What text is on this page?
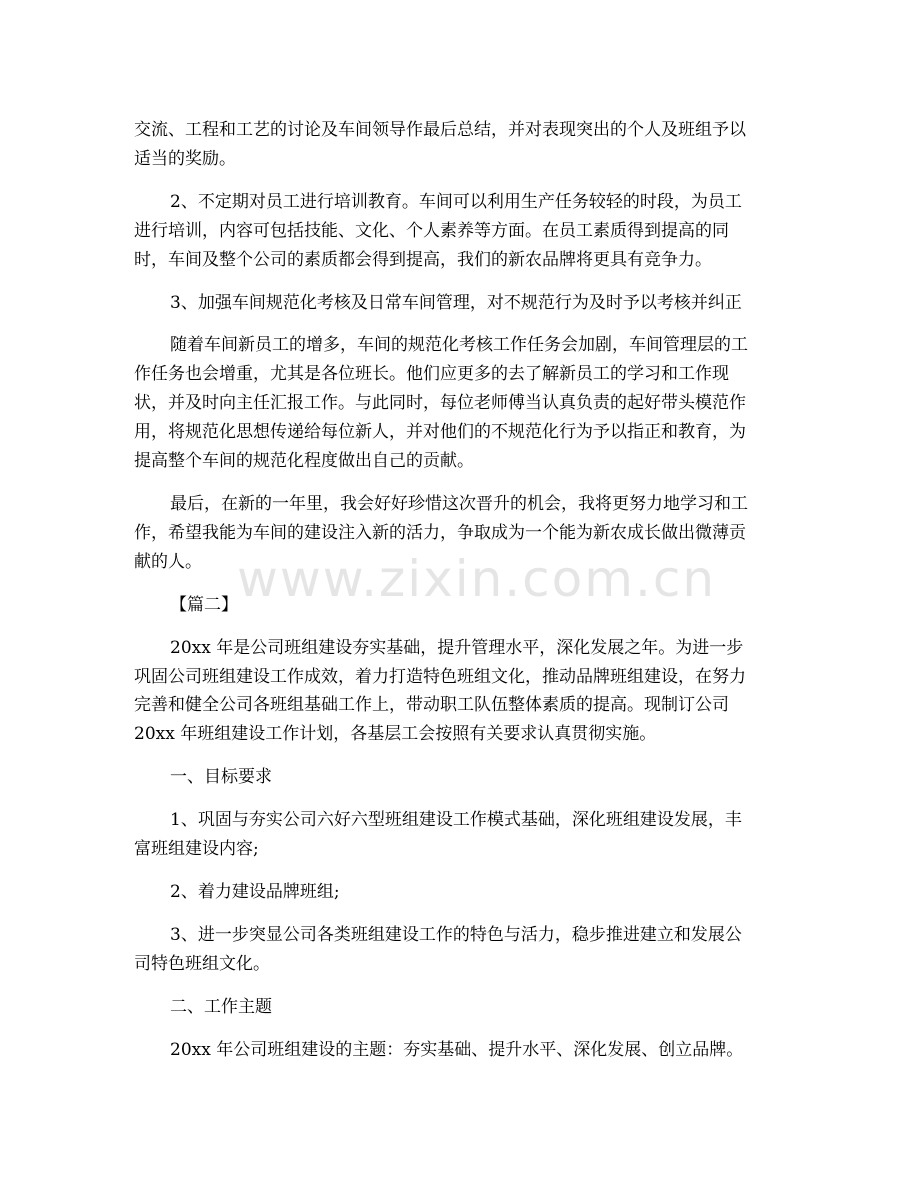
交流、工程和工艺的讨论及车间领导作最后总结，并对表现突出的个人及班组予以

适当的奖励。

2、不定期对员工进行培训教育。车间可以利用生产任务较轻的时段，为员工

进行培训，内容可包括技能、文化、个人素养等方面。在员工素质得到提高的同

时，车间及整个公司的素质都会得到提高，我们的新农品牌将更具有竞争力。

3、加强车间规范化考核及日常车间管理，对不规范行为及时予以考核并纠正

随着车间新员工的增多，车间的规范化考核工作任务会加剧，车间管理层的工

作任务也会增重，尤其是各位班长。他们应更多的去了解新员工的学习和工作现

状，并及时向主任汇报工作。与此同时，每位老师傅当认真负责的起好带头模范作

用，将规范化思想传递给每位新人，并对他们的不规范化行为予以指正和教育，为

提高整个车间的规范化程度做出自己的贡献。

最后，在新的一年里，我会好好珍惜这次晋升的机会，我将更努力地学习和工

作，希望我能为车间的建设注入新的活力，争取成为一个能为新农成长做出微薄贡

献的人。

【篇二】

20xx 年是公司班组建设夯实基础，提升管理水平，深化发展之年。为进一步

巩固公司班组建设工作成效，着力打造特色班组文化，推动品牌班组建设，在努力

完善和健全公司各班组基础工作上，带动职工队伍整体素质的提高。现制订公司

20xx 年班组建设工作计划，各基层工会按照有关要求认真贯彻实施。

一、目标要求

1、巩固与夯实公司六好六型班组建设工作模式基础，深化班组建设发展，丰

富班组建设内容;

2、着力建设品牌班组;

3、进一步突显公司各类班组建设工作的特色与活力，稳步推进建立和发展公

司特色班组文化。

二、工作主题

20xx 年公司班组建设的主题：夯实基础、提升水平、深化发展、创立品牌。

www.zixin.com.cn
